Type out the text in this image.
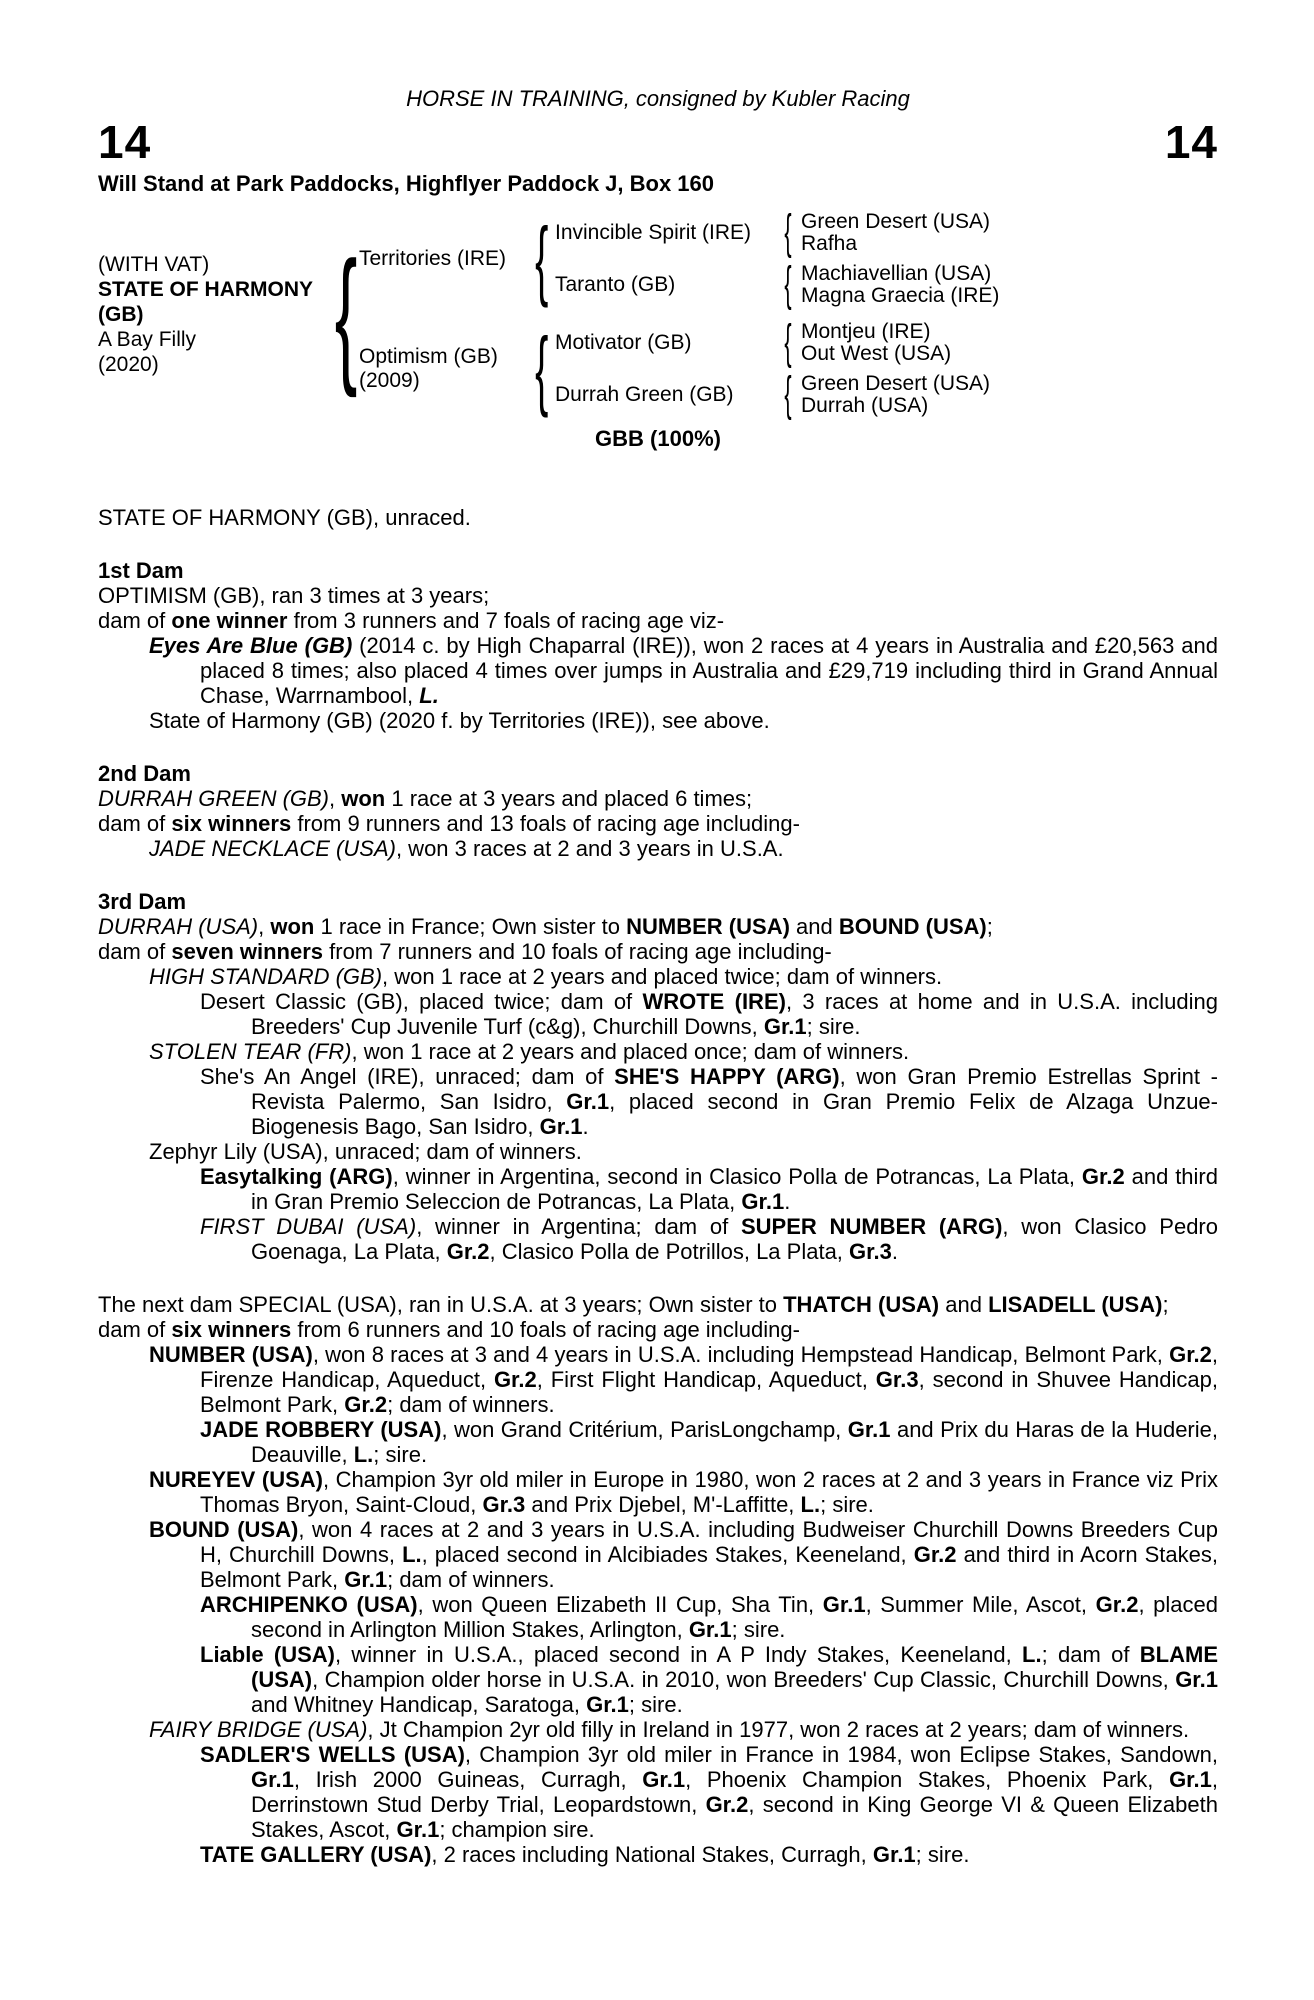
HORSE IN TRAINING, consigned by Kubler Racing
14	14
Will Stand at Park Paddocks, Highflyer Paddock J, Box 160
(WITH VAT)
STATE OF HARMONY (GB)
A Bay Filly
(2020)
{
Territories (IRE)
{
Invincible Spirit (IRE) {	Green Desert (USA)
Rafha
Taranto (GB) {	Machiavellian (USA)
Magna Graecia (IRE)
Optimism (GB)
(2009)
{
Motivator (GB) {	Montjeu (IRE)
Out West (USA)
Durrah Green (GB) {	Green Desert (USA)
Durrah (USA)
GBB (100%)
STATE OF HARMONY (GB), unraced.
1st Dam
OPTIMISM (GB), ran 3 times at 3 years;
dam of one winner from 3 runners and 7 foals of racing age viz-
Eyes Are Blue (GB) (2014 c. by High Chaparral (IRE)), won 2 races at 4 years in Australia and £20,563 and placed 8 times; also placed 4 times over jumps in Australia and £29,719 including third in Grand Annual Chase, Warrnambool, L.
State of Harmony (GB) (2020 f. by Territories (IRE)), see above.
2nd Dam
DURRAH GREEN (GB), won 1 race at 3 years and placed 6 times;
dam of six winners from 9 runners and 13 foals of racing age including-
JADE NECKLACE (USA), won 3 races at 2 and 3 years in U.S.A.
3rd Dam
DURRAH (USA), won 1 race in France; Own sister to NUMBER (USA) and BOUND (USA);
dam of seven winners from 7 runners and 10 foals of racing age including-
HIGH STANDARD (GB), won 1 race at 2 years and placed twice; dam of winners.
Desert Classic (GB), placed twice; dam of WROTE (IRE), 3 races at home and in U.S.A. including Breeders' Cup Juvenile Turf (c&g), Churchill Downs, Gr.1; sire.
STOLEN TEAR (FR), won 1 race at 2 years and placed once; dam of winners.
She's An Angel (IRE), unraced; dam of SHE'S HAPPY (ARG), won Gran Premio Estrellas Sprint - Revista Palermo, San Isidro, Gr.1, placed second in Gran Premio Felix de Alzaga Unzue-Biogenesis Bago, San Isidro, Gr.1.
Zephyr Lily (USA), unraced; dam of winners.
Easytalking (ARG), winner in Argentina, second in Clasico Polla de Potrancas, La Plata, Gr.2 and third in Gran Premio Seleccion de Potrancas, La Plata, Gr.1.
FIRST DUBAI (USA), winner in Argentina; dam of SUPER NUMBER (ARG), won Clasico Pedro Goenaga, La Plata, Gr.2, Clasico Polla de Potrillos, La Plata, Gr.3.
The next dam SPECIAL (USA), ran in U.S.A. at 3 years; Own sister to THATCH (USA) and LISADELL (USA);
dam of six winners from 6 runners and 10 foals of racing age including-
NUMBER (USA), won 8 races at 3 and 4 years in U.S.A. including Hempstead Handicap, Belmont Park, Gr.2, Firenze Handicap, Aqueduct, Gr.2, First Flight Handicap, Aqueduct, Gr.3, second in Shuvee Handicap, Belmont Park, Gr.2; dam of winners.
JADE ROBBERY (USA), won Grand Critérium, ParisLongchamp, Gr.1 and Prix du Haras de la Huderie, Deauville, L.; sire.
NUREYEV (USA), Champion 3yr old miler in Europe in 1980, won 2 races at 2 and 3 years in France viz Prix Thomas Bryon, Saint-Cloud, Gr.3 and Prix Djebel, M'-Laffitte, L.; sire.
BOUND (USA), won 4 races at 2 and 3 years in U.S.A. including Budweiser Churchill Downs Breeders Cup H, Churchill Downs, L., placed second in Alcibiades Stakes, Keeneland, Gr.2 and third in Acorn Stakes, Belmont Park, Gr.1; dam of winners.
ARCHIPENKO (USA), won Queen Elizabeth II Cup, Sha Tin, Gr.1, Summer Mile, Ascot, Gr.2, placed second in Arlington Million Stakes, Arlington, Gr.1; sire.
Liable (USA), winner in U.S.A., placed second in A P Indy Stakes, Keeneland, L.; dam of BLAME (USA), Champion older horse in U.S.A. in 2010, won Breeders' Cup Classic, Churchill Downs, Gr.1 and Whitney Handicap, Saratoga, Gr.1; sire.
FAIRY BRIDGE (USA), Jt Champion 2yr old filly in Ireland in 1977, won 2 races at 2 years; dam of winners.
SADLER'S WELLS (USA), Champion 3yr old miler in France in 1984, won Eclipse Stakes, Sandown, Gr.1, Irish 2000 Guineas, Curragh, Gr.1, Phoenix Champion Stakes, Phoenix Park, Gr.1, Derrinstown Stud Derby Trial, Leopardstown, Gr.2, second in King George VI & Queen Elizabeth Stakes, Ascot, Gr.1; champion sire.
TATE GALLERY (USA), 2 races including National Stakes, Curragh, Gr.1; sire.
